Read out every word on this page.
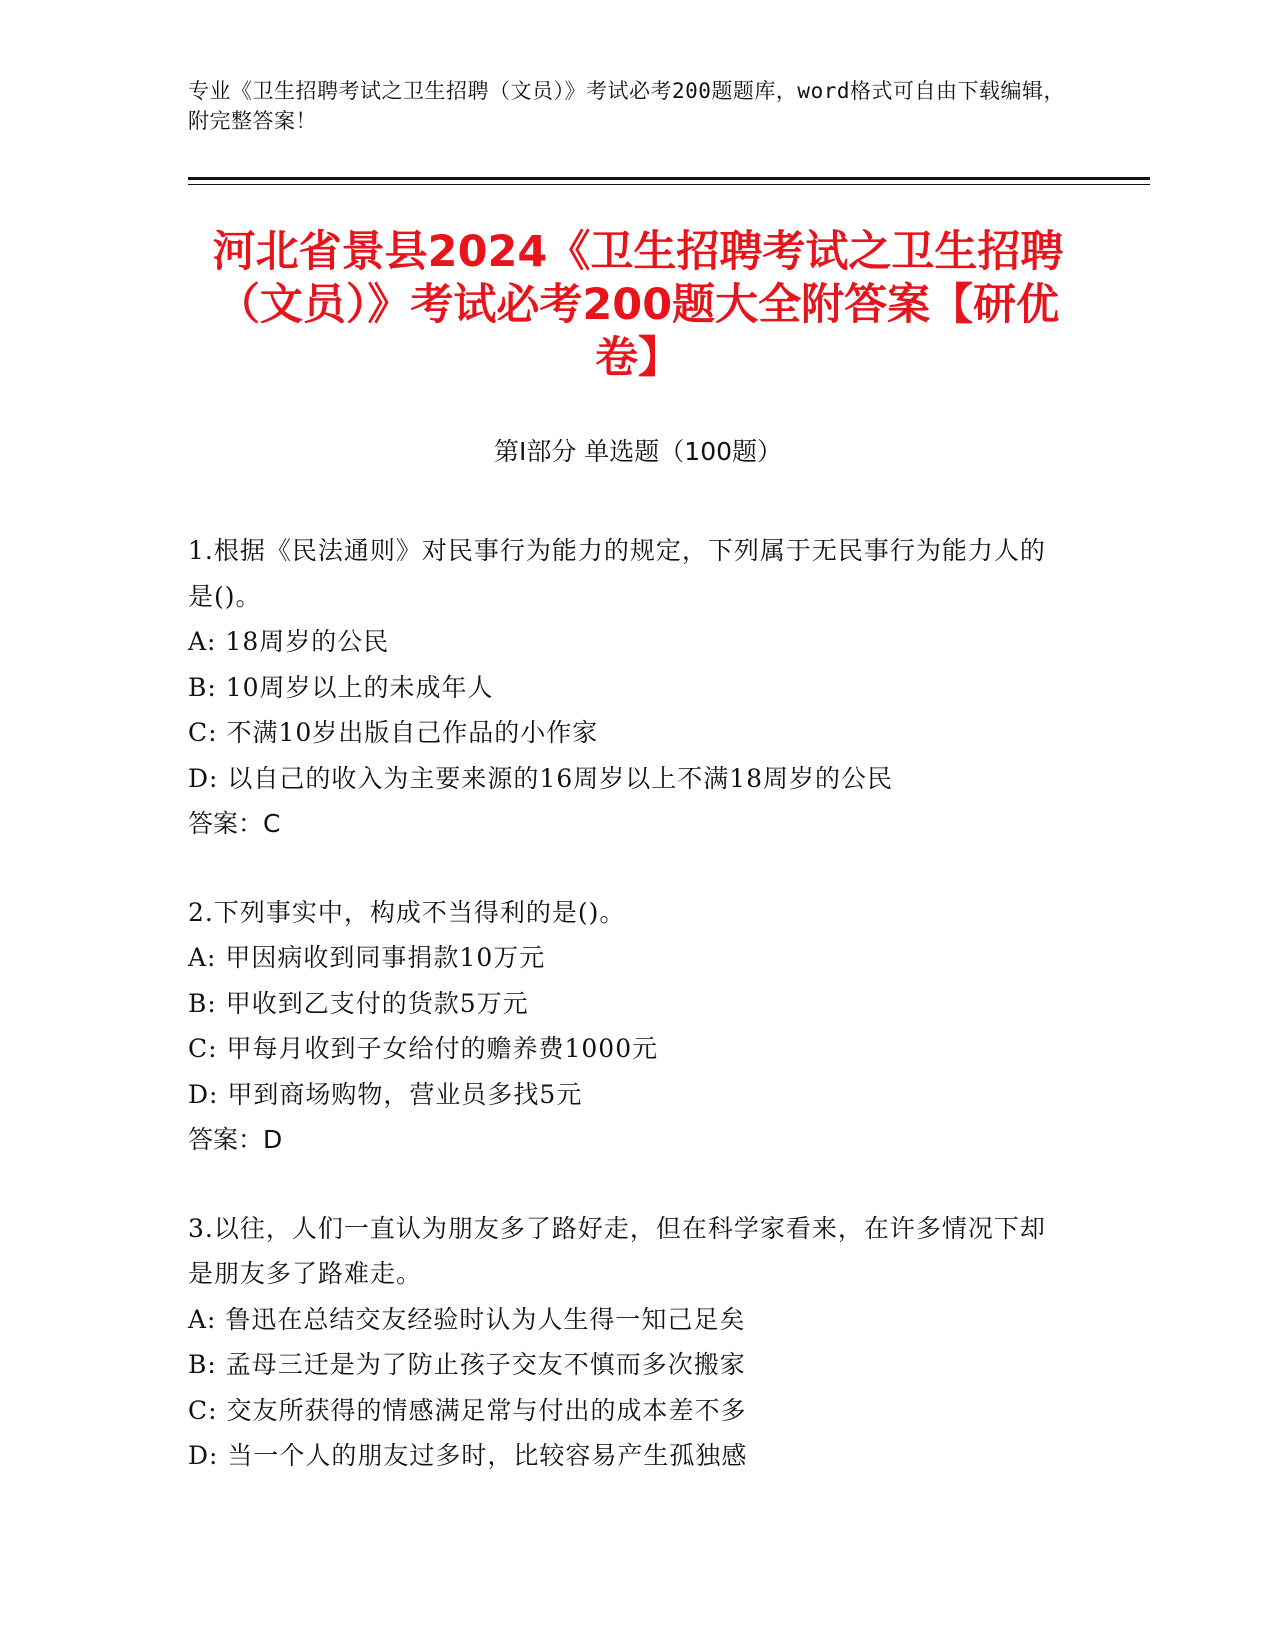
专业《卫生招聘考试之卫生招聘（文员）》考试必考200题题库，word格式可自由下载编辑，附完整答案！
河北省景县2024《卫生招聘考试之卫生招聘（文员）》考试必考200题大全附答案【研优卷】
第I部分 单选题（100题）
1.根据《民法通则》对民事行为能力的规定，下列属于无民事行为能力人的是()。
A: 18周岁的公民
B: 10周岁以上的未成年人
C: 不满10岁出版自己作品的小作家
D: 以自己的收入为主要来源的16周岁以上不满18周岁的公民
答案：C
2.下列事实中，构成不当得利的是()。
A: 甲因病收到同事捐款10万元
B: 甲收到乙支付的货款5万元
C: 甲每月收到子女给付的赡养费1000元
D: 甲到商场购物，营业员多找5元
答案：D
3.以往，人们一直认为朋友多了路好走，但在科学家看来，在许多情况下却是朋友多了路难走。
A: 鲁迅在总结交友经验时认为人生得一知己足矣
B: 孟母三迁是为了防止孩子交友不慎而多次搬家
C: 交友所获得的情感满足常与付出的成本差不多
D: 当一个人的朋友过多时，比较容易产生孤独感
